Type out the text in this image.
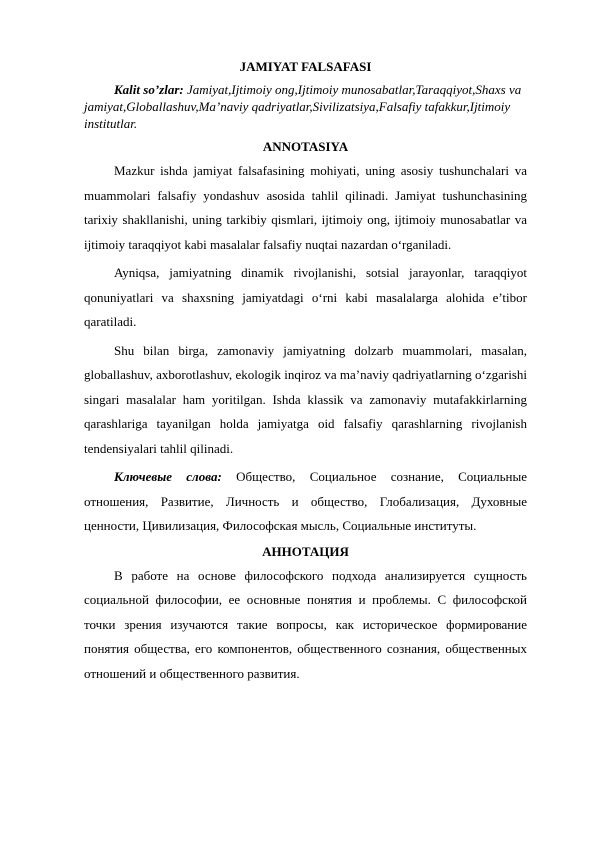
JAMIYAT FALSAFASI
Kalit so’zlar: Jamiyat,Ijtimoiy ong,Ijtimoiy munosabatlar,Taraqqiyot,Shaxs va jamiyat,Globallashuv,Ma’naviy qadriyatlar,Sivilizatsiya,Falsafiy tafakkur,Ijtimoiy institutlar.
ANNOTASIYA

Mazkur ishda jamiyat falsafasining mohiyati, uning asosiy tushunchalari va muammolari falsafiy yondashuv asosida tahlil qilinadi. Jamiyat tushunchasining tarixiy shakllanishi, uning tarkibiy qismlari, ijtimoiy ong, ijtimoiy munosabatlar va ijtimoiy taraqqiyot kabi masalalar falsafiy nuqtai nazardan o‘rganiladi.

Ayniqsa, jamiyatning dinamik rivojlanishi, sotsial jarayonlar, taraqqiyot qonuniyatlari va shaxsning jamiyatdagi o‘rni kabi masalalarga alohida e’tibor qaratiladi.

Shu bilan birga, zamonaviy jamiyatning dolzarb muammolari, masalan, globallashuv, axborotlashuv, ekologik inqiroz va ma’naviy qadriyatlarning o‘zgarishi singari masalalar ham yoritilgan. Ishda klassik va zamonaviy mutafakkirlarning qarashlariga tayanilgan holda jamiyatga oid falsafiy qarashlarning rivojlanish tendensiyalari tahlil qilinadi.

Ключевые слова: Общество, Социальное сознание, Социальные отношения, Развитие, Личность и общество, Глобализация, Духовные ценности, Цивилизация, Философская мысль, Социальные институты.

АННОТАЦИЯ

В работе на основе философского подхода анализируется сущность социальной философии, ее основные понятия и проблемы. С философской точки зрения изучаются такие вопросы, как историческое формирование понятия общества, его компонентов, общественного сознания, общественных отношений и общественного развития.
